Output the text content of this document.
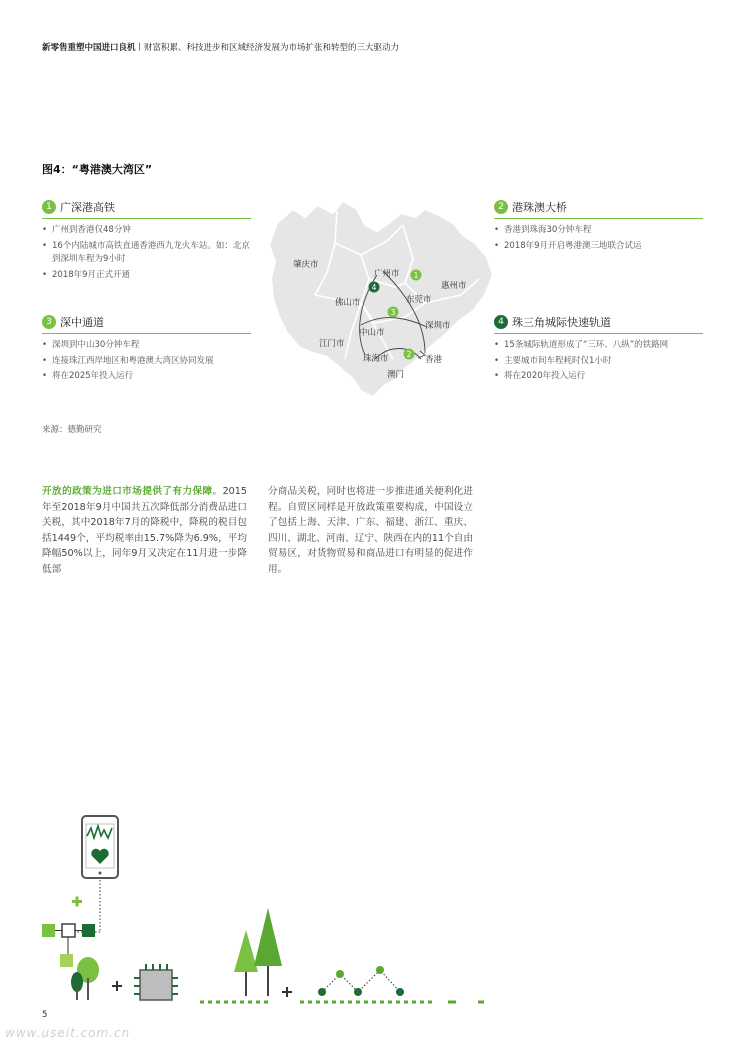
新零售重塑中国进口良机丨财富积累、科技进步和区域经济发展为市场扩张和转型的三大驱动力
图4：“粤港澳大湾区”
1
4
3
2
肇庆市
广州市
惠州市
佛山市	东莞市
深圳市
中山市
江门市
珠海市	香港
澳门
1 广深港高铁
• 广州到香港仅48分钟
• 16个内陆城市高铁直通香港西九龙火车站。如：北京到深圳车程为9小时
• 2018年9月正式开通
2 港珠澳大桥
• 香港到珠海30分钟车程
• 2018年9月开启粤港澳三地联合试运
3 深中通道
• 深圳到中山30分钟车程
• 连接珠江西岸地区和粤港澳大湾区协同发展
• 将在2025年投入运行
4 珠三角城际快速轨道
• 15条城际轨道形成了“三环、八纵”的铁路网
• 主要城市间车程耗时仅1小时
• 将在2020年投入运行
来源：德勤研究
开放的政策为进口市场提供了有力保障。2015年至2018年9月中国共五次降低部分消费品进口关税，其中2018年7月的降税中，降税的税目包括1449个，平均税率由15.7%降为6.9%，平均降幅50%以上，同年9月又决定在11月进一步降低部
分商品关税，同时也将进一步推进通关便利化进程。自贸区同样是开放政策重要构成，中国设立了包括上海、天津、广东、福建、浙江、重庆、四川、湖北、河南、辽宁、陕西在内的11个自由贸易区，对货物贸易和商品进口有明显的促进作用。
5
www.useit.com.cn
